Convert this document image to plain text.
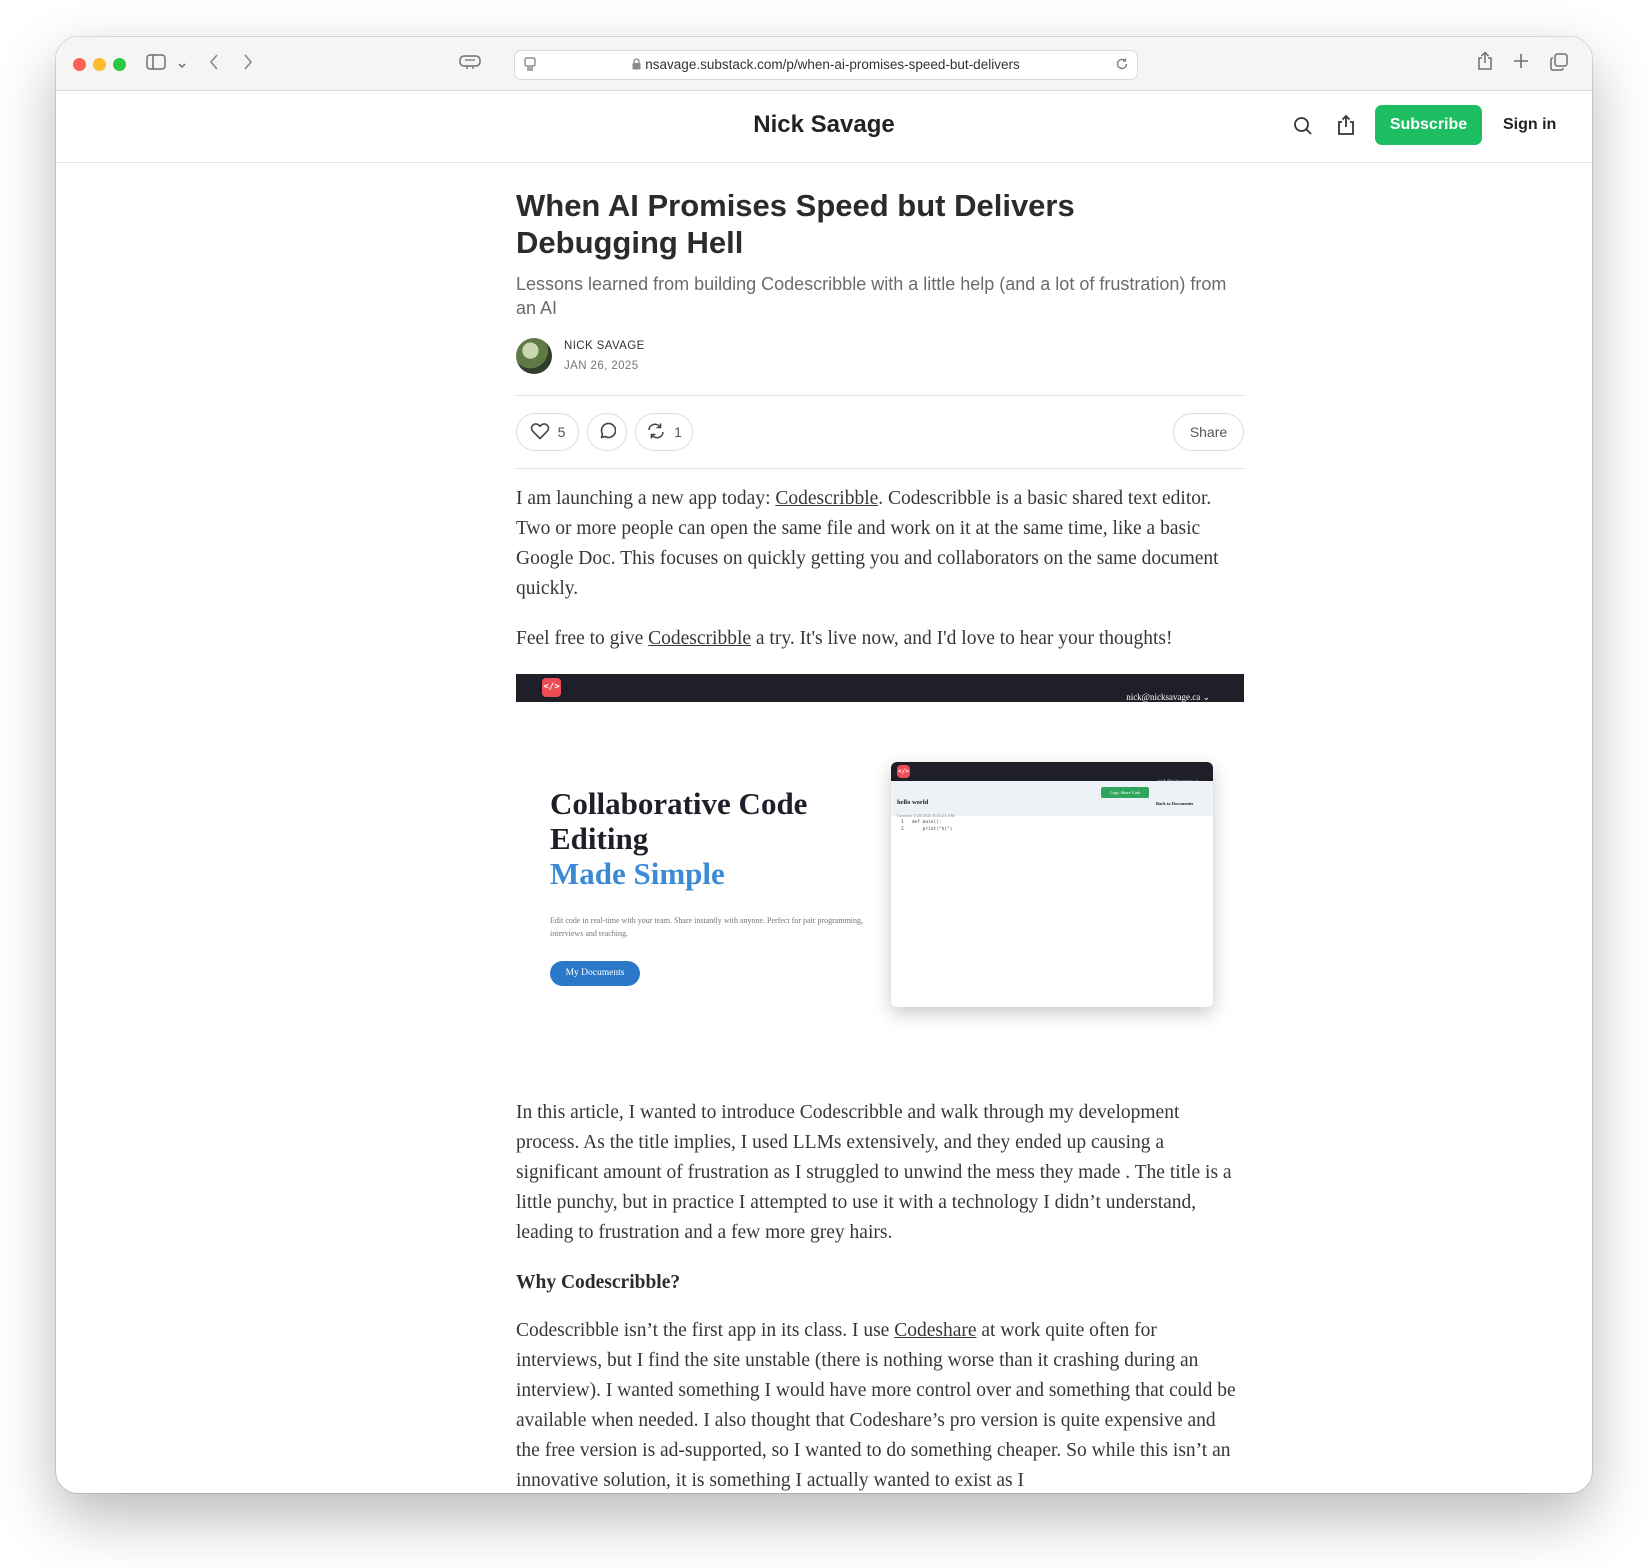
nsavage.substack.com/p/when-ai-promises-speed-but-delivers
Nick Savage	Subscribe	Sign in
When AI Promises Speed but Delivers Debugging Hell
Lessons learned from building Codescribble with a little help (and a lot of frustration) from an AI
NICK SAVAGE
JAN 26, 2025
5	1	Share

I am launching a new app today: Codescribble. Codescribble is a basic shared text editor. Two or more people can open the same file and work on it at the same time, like a basic Google Doc. This focuses on quickly getting you and collaborators on the same document quickly.

Feel free to give Codescribble a try. It's live now, and I'd love to hear your thoughts!

</>
nick@nicksavage.ca ⌄
Collaborative Code
Editing
Made Simple
Edit code in real-time with your team. Share instantly with anyone. Perfect for pair programming, interviews and teaching.
My Documents
</>
hello world
Created: 1/25/2025 8:34:24 AM
Copy Share Link
Back to Documents
1   def main():
2       print("hi")

In this article, I wanted to introduce Codescribble and walk through my development process. As the title implies, I used LLMs extensively, and they ended up causing a significant amount of frustration as I struggled to unwind the mess they made . The title is a little punchy, but in practice I attempted to use it with a technology I didn’t understand, leading to frustration and a few more grey hairs.

Why Codescribble?

Codescribble isn’t the first app in its class. I use Codeshare at work quite often for interviews, but I find the site unstable (there is nothing worse than it crashing during an interview). I wanted something I would have more control over and something that could be available when needed. I also thought that Codeshare’s pro version is quite expensive and the free version is ad-supported, so I wanted to do something cheaper. So while this isn’t an innovative solution, it is something I actually wanted to exist as I
